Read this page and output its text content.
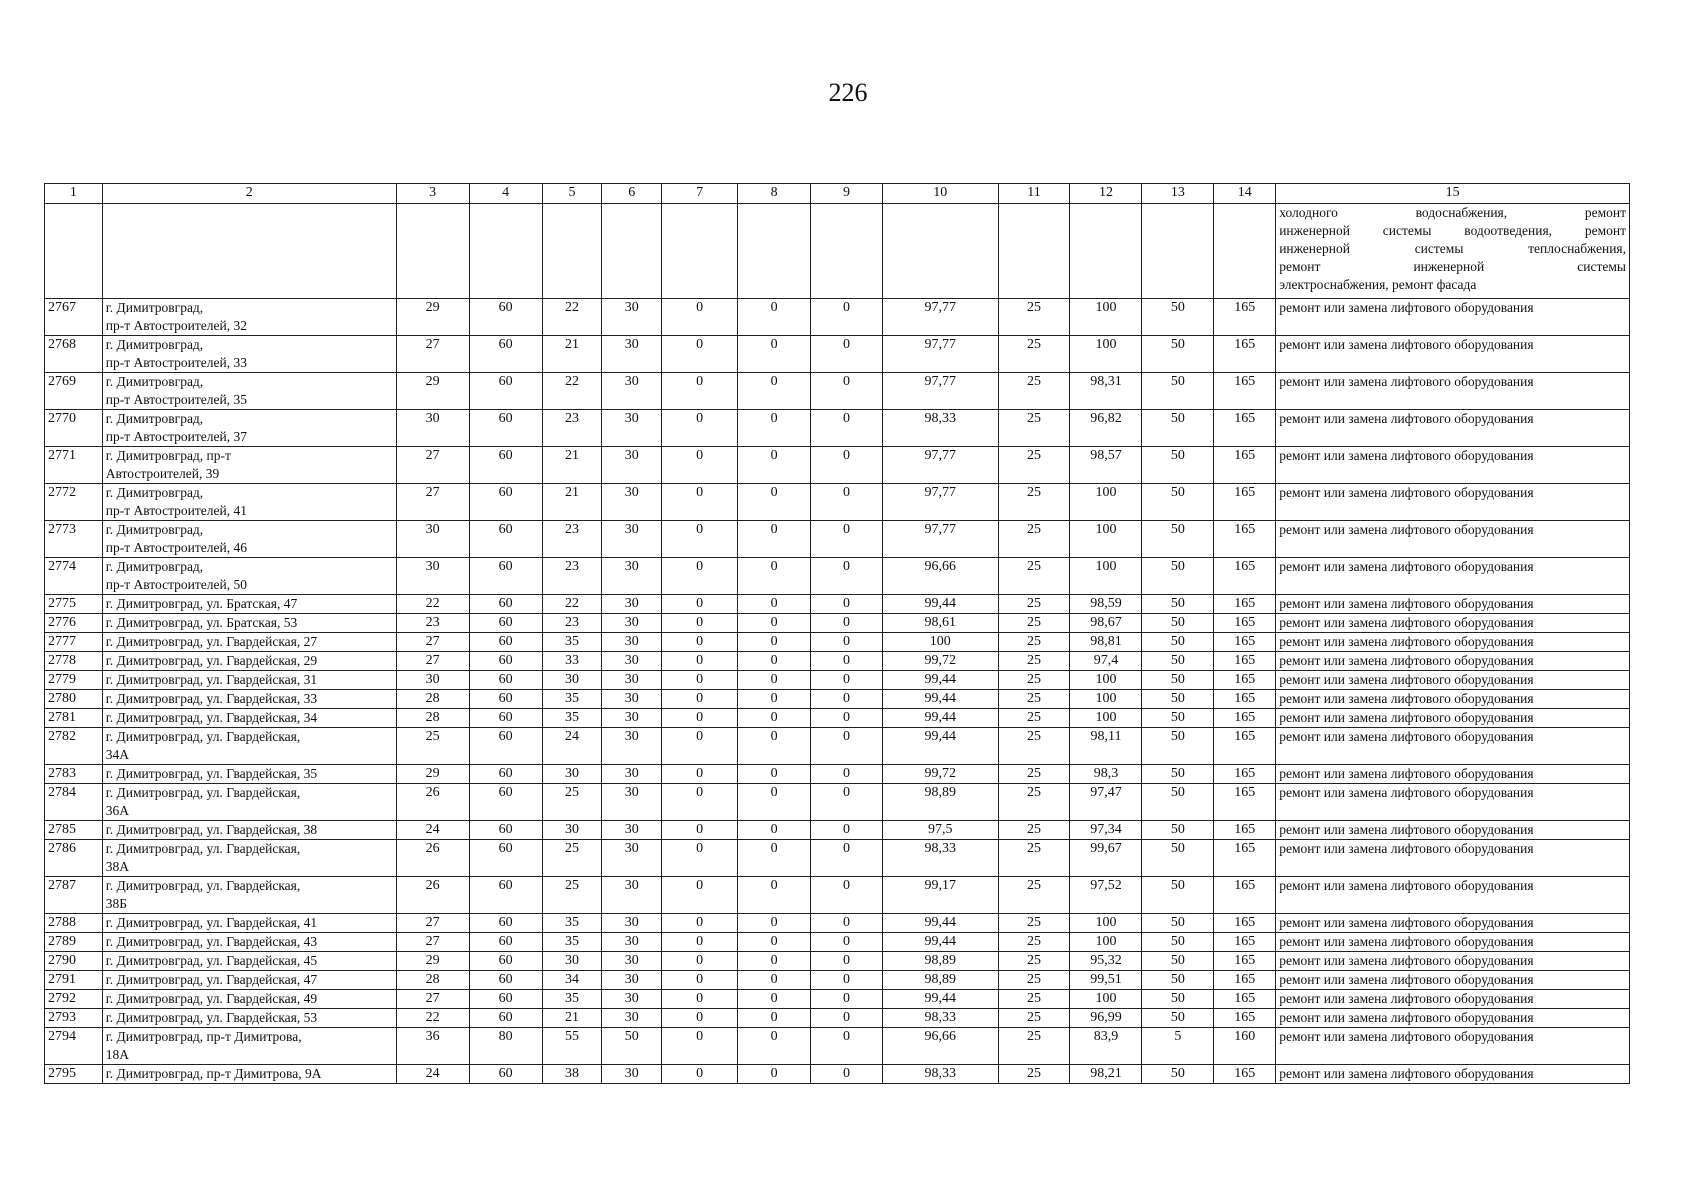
226
1	2	3	4	5	6	7	8	9	10	11	12	13	14	15

														холодного водоснабжения, ремонт
инженерной системы водоотведения, ремонт
инженерной системы теплоснабжения,
ремонт инженерной системы
электроснабжения, ремонт фасада

2767	г. Димитровград,
пр-т Автостроителей, 32	29	60	22	30	0	0	0	97,77	25	100	50	165	ремонт или замена лифтового оборудования
2768	г. Димитровград,
пр-т Автостроителей, 33	27	60	21	30	0	0	0	97,77	25	100	50	165	ремонт или замена лифтового оборудования
2769	г. Димитровград,
пр-т Автостроителей, 35	29	60	22	30	0	0	0	97,77	25	98,31	50	165	ремонт или замена лифтового оборудования
2770	г. Димитровград,
пр-т Автостроителей, 37	30	60	23	30	0	0	0	98,33	25	96,82	50	165	ремонт или замена лифтового оборудования
2771	г. Димитровград, пр-т
Автостроителей, 39	27	60	21	30	0	0	0	97,77	25	98,57	50	165	ремонт или замена лифтового оборудования
2772	г. Димитровград,
пр-т Автостроителей, 41	27	60	21	30	0	0	0	97,77	25	100	50	165	ремонт или замена лифтового оборудования
2773	г. Димитровград,
пр-т Автостроителей, 46	30	60	23	30	0	0	0	97,77	25	100	50	165	ремонт или замена лифтового оборудования
2774	г. Димитровград,
пр-т Автостроителей, 50	30	60	23	30	0	0	0	96,66	25	100	50	165	ремонт или замена лифтового оборудования
2775	г. Димитровград, ул. Братская, 47	22	60	22	30	0	0	0	99,44	25	98,59	50	165	ремонт или замена лифтового оборудования
2776	г. Димитровград, ул. Братская, 53	23	60	23	30	0	0	0	98,61	25	98,67	50	165	ремонт или замена лифтового оборудования
2777	г. Димитровград, ул. Гвардейская, 27	27	60	35	30	0	0	0	100	25	98,81	50	165	ремонт или замена лифтового оборудования
2778	г. Димитровград, ул. Гвардейская, 29	27	60	33	30	0	0	0	99,72	25	97,4	50	165	ремонт или замена лифтового оборудования
2779	г. Димитровград, ул. Гвардейская, 31	30	60	30	30	0	0	0	99,44	25	100	50	165	ремонт или замена лифтового оборудования
2780	г. Димитровград, ул. Гвардейская, 33	28	60	35	30	0	0	0	99,44	25	100	50	165	ремонт или замена лифтового оборудования
2781	г. Димитровград, ул. Гвардейская, 34	28	60	35	30	0	0	0	99,44	25	100	50	165	ремонт или замена лифтового оборудования
2782	г. Димитровград, ул. Гвардейская,
34А	25	60	24	30	0	0	0	99,44	25	98,11	50	165	ремонт или замена лифтового оборудования
2783	г. Димитровград, ул. Гвардейская, 35	29	60	30	30	0	0	0	99,72	25	98,3	50	165	ремонт или замена лифтового оборудования
2784	г. Димитровград, ул. Гвардейская,
36А	26	60	25	30	0	0	0	98,89	25	97,47	50	165	ремонт или замена лифтового оборудования
2785	г. Димитровград, ул. Гвардейская, 38	24	60	30	30	0	0	0	97,5	25	97,34	50	165	ремонт или замена лифтового оборудования
2786	г. Димитровград, ул. Гвардейская,
38А	26	60	25	30	0	0	0	98,33	25	99,67	50	165	ремонт или замена лифтового оборудования
2787	г. Димитровград, ул. Гвардейская,
38Б	26	60	25	30	0	0	0	99,17	25	97,52	50	165	ремонт или замена лифтового оборудования
2788	г. Димитровград, ул. Гвардейская, 41	27	60	35	30	0	0	0	99,44	25	100	50	165	ремонт или замена лифтового оборудования
2789	г. Димитровград, ул. Гвардейская, 43	27	60	35	30	0	0	0	99,44	25	100	50	165	ремонт или замена лифтового оборудования
2790	г. Димитровград, ул. Гвардейская, 45	29	60	30	30	0	0	0	98,89	25	95,32	50	165	ремонт или замена лифтового оборудования
2791	г. Димитровград, ул. Гвардейская, 47	28	60	34	30	0	0	0	98,89	25	99,51	50	165	ремонт или замена лифтового оборудования
2792	г. Димитровград, ул. Гвардейская, 49	27	60	35	30	0	0	0	99,44	25	100	50	165	ремонт или замена лифтового оборудования
2793	г. Димитровград, ул. Гвардейская, 53	22	60	21	30	0	0	0	98,33	25	96,99	50	165	ремонт или замена лифтового оборудования
2794	г. Димитровград, пр-т Димитрова,
18А	36	80	55	50	0	0	0	96,66	25	83,9	5	160	ремонт или замена лифтового оборудования
2795	г. Димитровград, пр-т Димитрова, 9А	24	60	38	30	0	0	0	98,33	25	98,21	50	165	ремонт или замена лифтового оборудования
